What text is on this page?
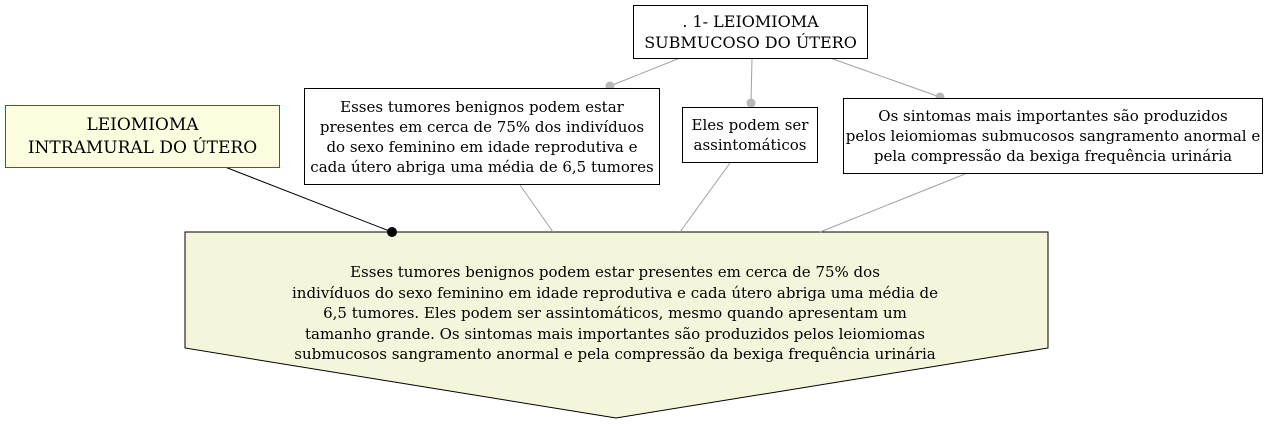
. 1- LEIOMIOMA
SUBMUCOSO DO ÚTERO
LEIOMIOMA
INTRAMURAL DO ÚTERO
Esses tumores benignos podem estar
presentes em cerca de 75% dos indivíduos
do sexo feminino em idade reprodutiva e
cada útero abriga uma média de 6,5 tumores
Eles podem ser
assintomáticos
Os sintomas mais importantes são produzidos
pelos leiomiomas submucosos sangramento anormal e
pela compressão da bexiga frequência urinária
Esses tumores benignos podem estar presentes em cerca de 75% dos
indivíduos do sexo feminino em idade reprodutiva e cada útero abriga uma média de
6,5 tumores. Eles podem ser assintomáticos, mesmo quando apresentam um
tamanho grande. Os sintomas mais importantes são produzidos pelos leiomiomas
submucosos sangramento anormal e pela compressão da bexiga frequência urinária
